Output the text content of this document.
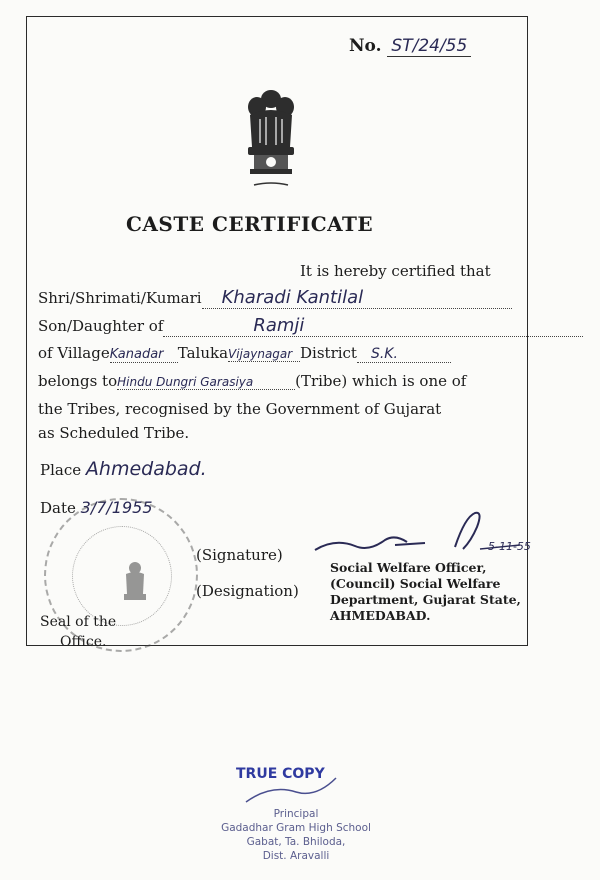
No. ST/24/55
CASTE CERTIFICATE
It is hereby certified that
Shri/Shrimati/Kumari Kharadi Kantilal
Son/Daughter of	Ramji
of VillageKanadar TalukaVijaynagar District S.K.
belongs toHindu Dungri Garasiya	(Tribe) which is one of
the Tribes, recognised by the Government of Gujarat
as Scheduled Tribe.
Place Ahmedabad.
Date 3/7/1955
(Signature)	5-11-55
(Designation)
Social Welfare Officer,
(Council) Social Welfare
Department, Gujarat State,
AHMEDABAD.
Seal of the
Office.
TRUE COPY
Principal
Gadadhar Gram High School
Gabat, Ta. Bhiloda,
Dist. Aravalli
